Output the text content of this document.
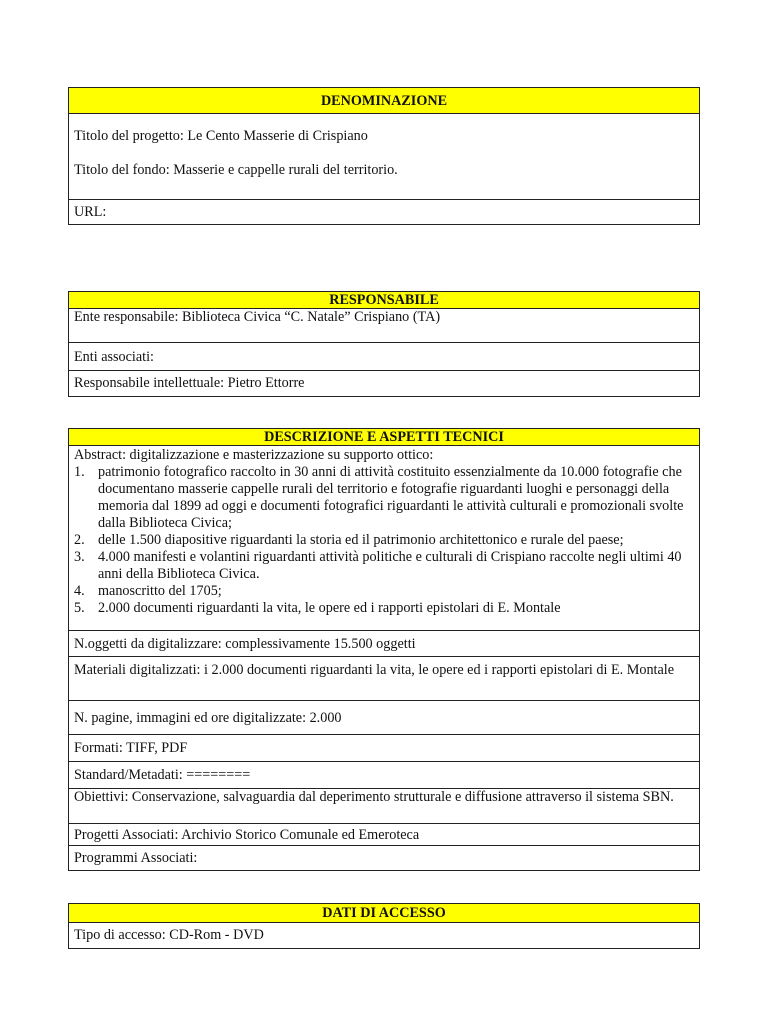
DENOMINAZIONE
Titolo del progetto: Le Cento Masserie di Crispiano
Titolo del fondo: Masserie e cappelle rurali del territorio.
URL:
RESPONSABILE
Ente responsabile: Biblioteca Civica “C. Natale” Crispiano (TA)
Enti associati:
Responsabile intellettuale: Pietro Ettorre
DESCRIZIONE E ASPETTI TECNICI
Abstract: digitalizzazione e masterizzazione su supporto ottico:
1. patrimonio fotografico raccolto in 30 anni di attività costituito essenzialmente da 10.000 fotografie che documentano masserie cappelle rurali del territorio e fotografie riguardanti luoghi e personaggi della memoria dal 1899 ad oggi e documenti fotografici riguardanti le attività culturali e promozionali svolte dalla Biblioteca Civica;
2. delle 1.500 diapositive riguardanti la storia ed il patrimonio architettonico e rurale del paese;
3. 4.000 manifesti e volantini riguardanti attività politiche e culturali di Crispiano raccolte negli ultimi 40 anni della Biblioteca Civica.
4. manoscritto del 1705;
5. 2.000 documenti riguardanti la vita, le opere ed i rapporti epistolari di E. Montale
N.oggetti da digitalizzare: complessivamente 15.500 oggetti
Materiali digitalizzati: i 2.000 documenti riguardanti la vita, le opere ed i rapporti epistolari di E. Montale
N. pagine, immagini ed ore digitalizzate: 2.000
Formati: TIFF, PDF
Standard/Metadati: ========
Obiettivi: Conservazione, salvaguardia dal deperimento strutturale e diffusione attraverso il sistema SBN.
Progetti Associati: Archivio Storico Comunale ed Emeroteca
Programmi Associati:
DATI DI ACCESSO
Tipo di accesso: CD-Rom - DVD
